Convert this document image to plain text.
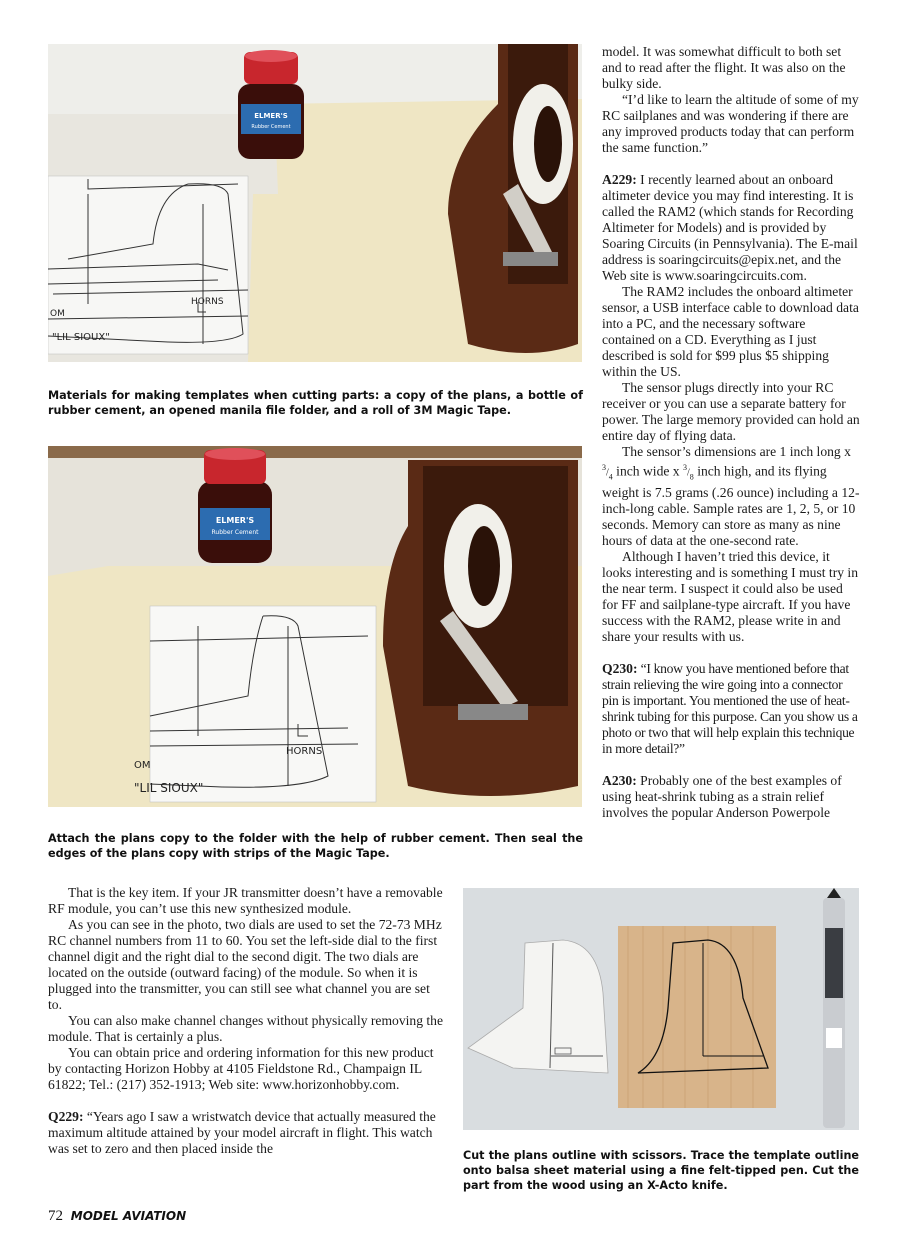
HORNS
OM
"LIL SIOUX"
ELMER'S
Rubber Cement
Materials for making templates when cutting parts: a copy of the plans, a bottle of rubber cement, an opened manila file folder, and a roll of 3M Magic Tape.
HORNS
OM
"LIL SIOUX"
ELMER'S
Rubber Cement
Attach the plans copy to the folder with the help of rubber cement. Then seal the edges of the plans copy with strips of the Magic Tape.

model. It was somewhat difficult to both set and to read after the flight. It was also on the bulky side.

“I’d like to learn the altitude of some of my RC sailplanes and was wondering if there are any improved products today that can perform the same function.”

A229: I recently learned about an onboard altimeter device you may find interesting. It is called the RAM2 (which stands for Recording Altimeter for Models) and is provided by Soaring Circuits (in Pennsylvania). The E-mail address is soaringcircuits@epix.net, and the Web site is www.soaringcircuits.com.

The RAM2 includes the onboard altimeter sensor, a USB interface cable to download data into a PC, and the necessary software contained on a CD. Everything as I just described is sold for $99 plus $5 shipping within the US.

The sensor plugs directly into your RC receiver or you can use a separate battery for power. The large memory provided can hold an entire day of flying data.

The sensor’s dimensions are 1 inch long x $^3/_4$ inch wide x $^3/_8$ inch high, and its flying weight is 7.5 grams (.26 ounce) including a 12-inch-long cable. Sample rates are 1, 2, 5, or 10 seconds. Memory can store as many as nine hours of data at the one-second rate.

Although I haven’t tried this device, it looks interesting and is something I must try in the near term. I suspect it could also be used for FF and sailplane-type aircraft. If you have success with the RAM2, please write in and share your results with us.

Q230: “I know you have mentioned before that strain relieving the wire going into a connector pin is important. You mentioned the use of heat-shrink tubing for this purpose. Can you show us a photo or two that will help explain this technique in more detail?”

A230: Probably one of the best examples of using heat-shrink tubing as a strain relief involves the popular Anderson Powerpole

That is the key item. If your JR transmitter doesn’t have a removable RF module, you can’t use this new synthesized module.

As you can see in the photo, two dials are used to set the 72-73 MHz RC channel numbers from 11 to 60. You set the left-side dial to the first channel digit and the right dial to the second digit. The two dials are located on the outside (outward facing) of the module. So when it is plugged into the transmitter, you can still see what channel you are set to.

You can also make channel changes without physically removing the module. That is certainly a plus.

You can obtain price and ordering information for this new product by contacting Horizon Hobby at 4105 Fieldstone Rd., Champaign IL 61822; Tel.: (217) 352-1913; Web site: www.horizonhobby.com.

Q229: “Years ago I saw a wristwatch device that actually measured the maximum altitude attained by your model aircraft in flight. This watch was set to zero and then placed inside the	Cut the plans outline with scissors. Trace the template outline onto balsa sheet material using a fine felt-tipped pen. Cut the part from the wood using an X-Acto knife.
72 MODEL AVIATION
